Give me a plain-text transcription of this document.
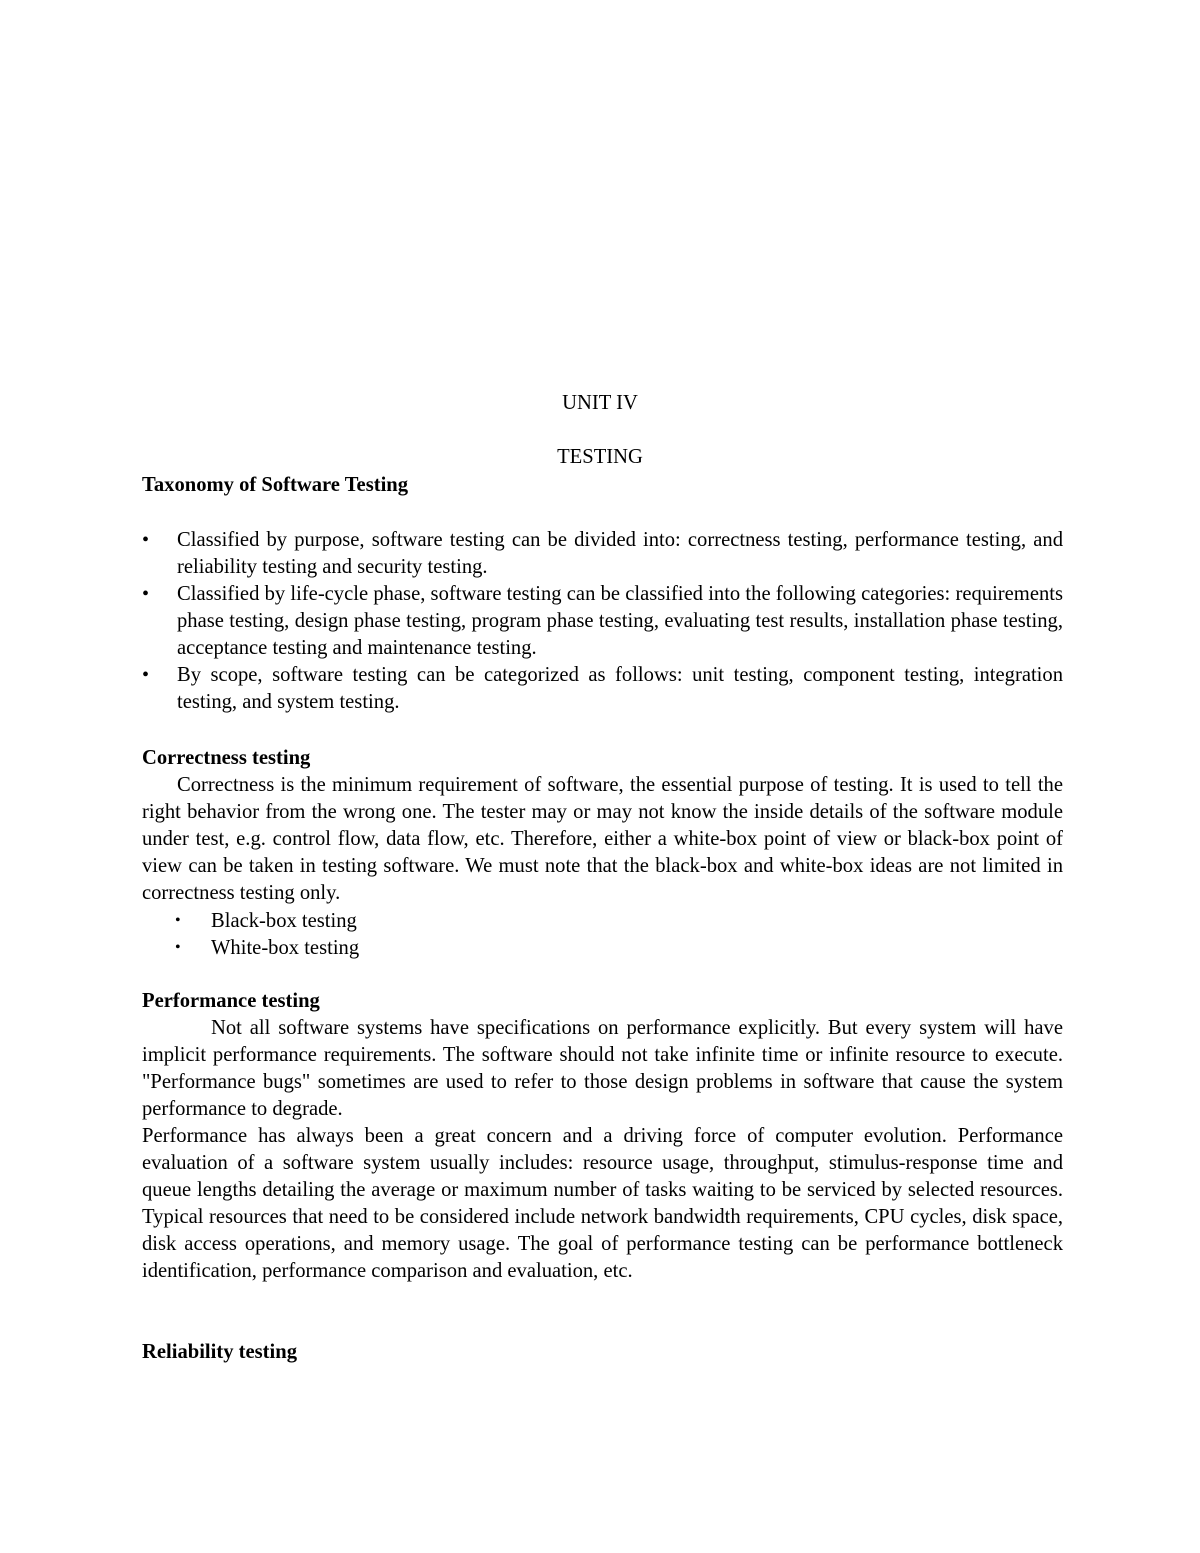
UNIT IV
TESTING
Taxonomy of Software Testing
• Classified by purpose, software testing can be divided into: correctness testing, performance testing, and reliability testing and security testing.
• Classified by life-cycle phase, software testing can be classified into the following categories: requirements phase testing, design phase testing, program phase testing, evaluating test results, installation phase testing, acceptance testing and maintenance testing.
• By scope, software testing can be categorized as follows: unit testing, component testing, integration testing, and system testing.
Correctness testing

Correctness is the minimum requirement of software, the essential purpose of testing. It is used to tell the right behavior from the wrong one. The tester may or may not know the inside details of the software module under test, e.g. control flow, data flow, etc. Therefore, either a white-box point of view or black-box point of view can be taken in testing software. We must note that the black-box and white-box ideas are not limited in correctness testing only.

• Black-box testing
• White-box testing
Performance testing

Not all software systems have specifications on performance explicitly. But every system will have implicit performance requirements. The software should not take infinite time or infinite resource to execute. "Performance bugs" sometimes are used to refer to those design problems in software that cause the system performance to degrade.

Performance has always been a great concern and a driving force of computer evolution. Performance evaluation of a software system usually includes: resource usage, throughput, stimulus-response time and queue lengths detailing the average or maximum number of tasks waiting to be serviced by selected resources. Typical resources that need to be considered include network bandwidth requirements, CPU cycles, disk space, disk access operations, and memory usage. The goal of performance testing can be performance bottleneck identification, performance comparison and evaluation, etc.

Reliability testing
